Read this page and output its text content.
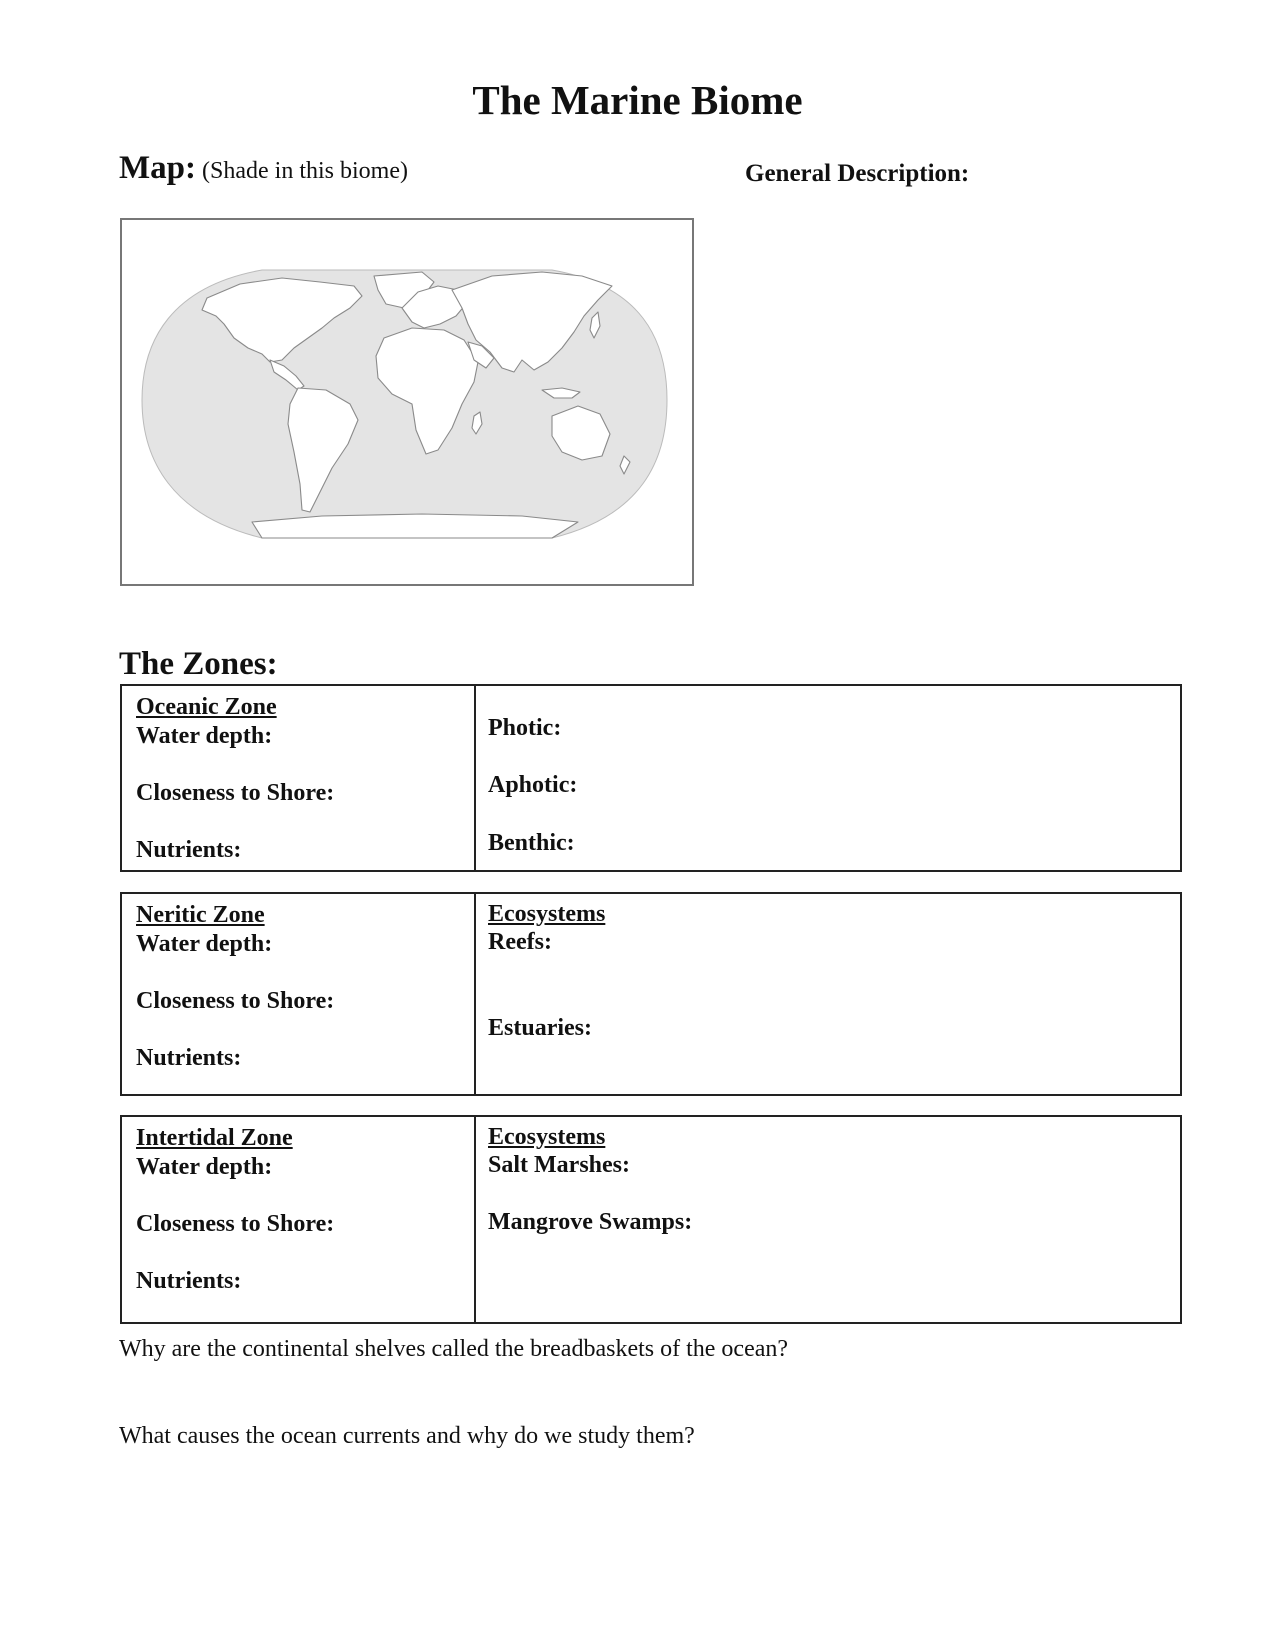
The Marine Biome
Map: (Shade in this biome)	General Description:
The Zones:
Oceanic Zone
Water depth:
Closeness to Shore:
Nutrients:
Photic:
Aphotic:
Benthic:
Neritic Zone
Water depth:
Closeness to Shore:
Nutrients:
Ecosystems
Reefs:
Estuaries:
Intertidal Zone
Water depth:
Closeness to Shore:
Nutrients:
Ecosystems
Salt Marshes:
Mangrove Swamps:
Why are the continental shelves called the breadbaskets of the ocean?
What causes the ocean currents and why do we study them?
